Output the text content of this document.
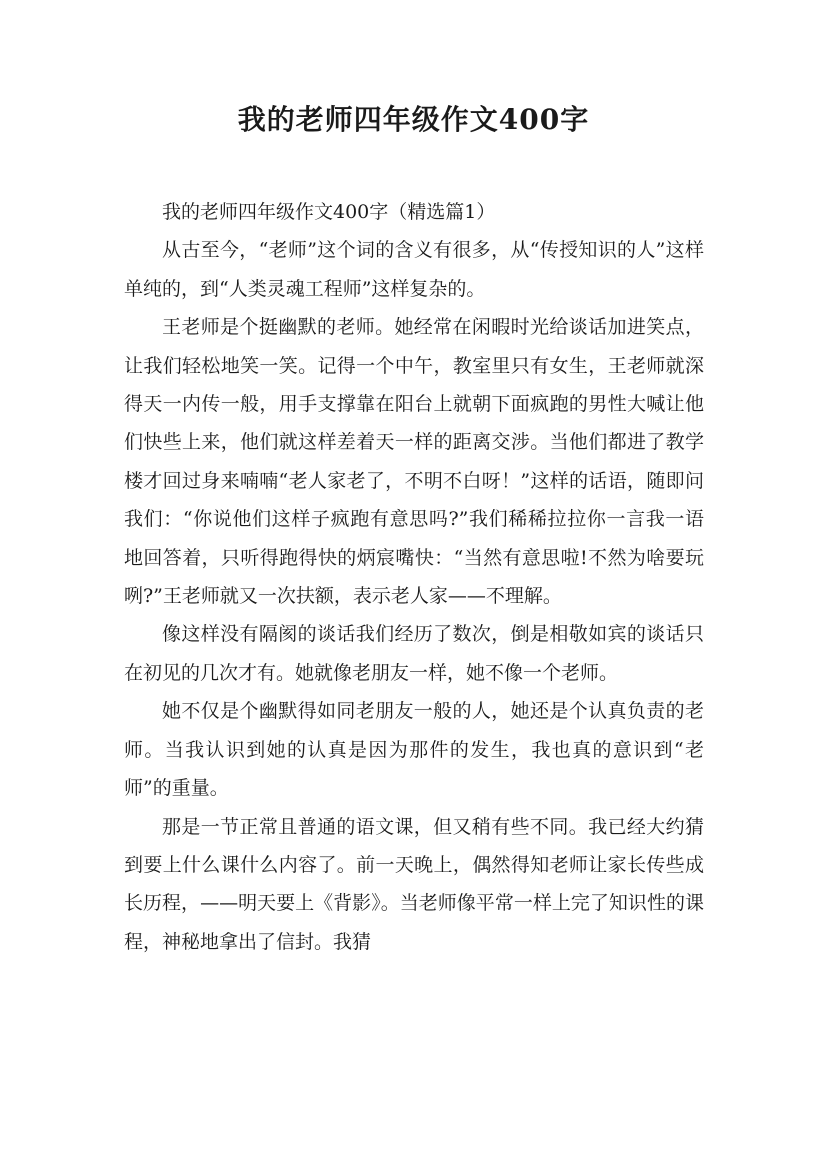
我的老师四年级作文400字

我的老师四年级作文400字（精选篇1）

从古至今，“老师”这个词的含义有很多，从“传授知识的人”这样单纯的，到“人类灵魂工程师”这样复杂的。

王老师是个挺幽默的老师。她经常在闲暇时光给谈话加进笑点，让我们轻松地笑一笑。记得一个中午，教室里只有女生，王老师就深得天一内传一般，用手支撑靠在阳台上就朝下面疯跑的男性大喊让他们快些上来，他们就这样差着天一样的距离交涉。当他们都进了教学楼才回过身来喃喃“老人家老了，不明不白呀！”这样的话语，随即问我们：“你说他们这样子疯跑有意思吗?”我们稀稀拉拉你一言我一语地回答着，只听得跑得快的炳宸嘴快：“当然有意思啦!不然为啥要玩咧?”王老师就又一次扶额，表示老人家——不理解。

像这样没有隔阂的谈话我们经历了数次，倒是相敬如宾的谈话只在初见的几次才有。她就像老朋友一样，她不像一个老师。

她不仅是个幽默得如同老朋友一般的人，她还是个认真负责的老师。当我认识到她的认真是因为那件的发生，我也真的意识到“老师”的重量。

那是一节正常且普通的语文课，但又稍有些不同。我已经大约猜到要上什么课什么内容了。前一天晚上，偶然得知老师让家长传些成长历程，——明天要上《背影》。当老师像平常一样上完了知识性的课程，神秘地拿出了信封。我猜
